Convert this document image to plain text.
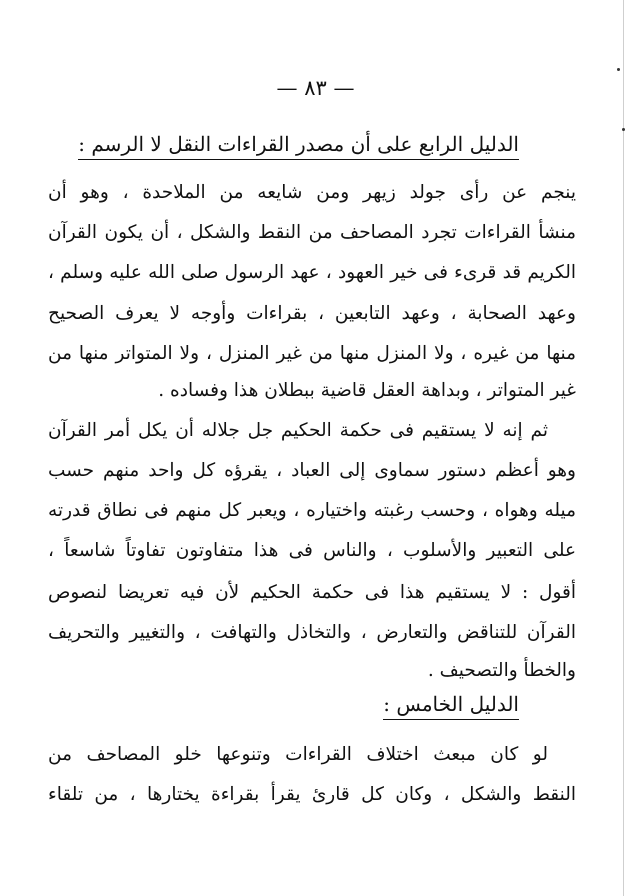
— ٨٣ —
الدليل الرابع على أن مصدر القراءات النقل لا الرسم :
ينجم عن رأى جولد زيهر ومن شايعه من الملاحدة ، وهو أن
منشأ القراءات تجرد المصاحف من النقط والشكل ، أن يكون القرآن
الكريم قد قرىء فى خير العهود ، عهد الرسول صلى الله عليه وسلم ،
وعهد الصحابة ، وعهد التابعين ، بقراءات وأوجه لا يعرف الصحيح
منها من غيره ، ولا المنزل منها من غير المنزل ، ولا المتواتر منها من
غير المتواتر ، وبداهة العقل قاضية ببطلان هذا وفساده .
ثم إنه لا يستقيم فى حكمة الحكيم جل جلاله أن يكل أمر القرآن
وهو أعظم دستور سماوى إلى العباد ، يقرؤه كل واحد منهم حسب
ميله وهواه ، وحسب رغبته واختياره ، ويعبر كل منهم فى نطاق قدرته
على التعبير والأسلوب ، والناس فى هذا متفاوتون تفاوتاً شاسعاً ،
أقول : لا يستقيم هذا فى حكمة الحكيم لأن فيه تعريضا لنصوص
القرآن للتناقض والتعارض ، والتخاذل والتهافت ، والتغيير والتحريف
والخطأ والتصحيف .
الدليل الخامس :
لو كان مبعث اختلاف القراءات وتنوعها خلو المصاحف من
النقط والشكل ، وكان كل قارئ يقرأ بقراءة يختارها ، من تلقاء
